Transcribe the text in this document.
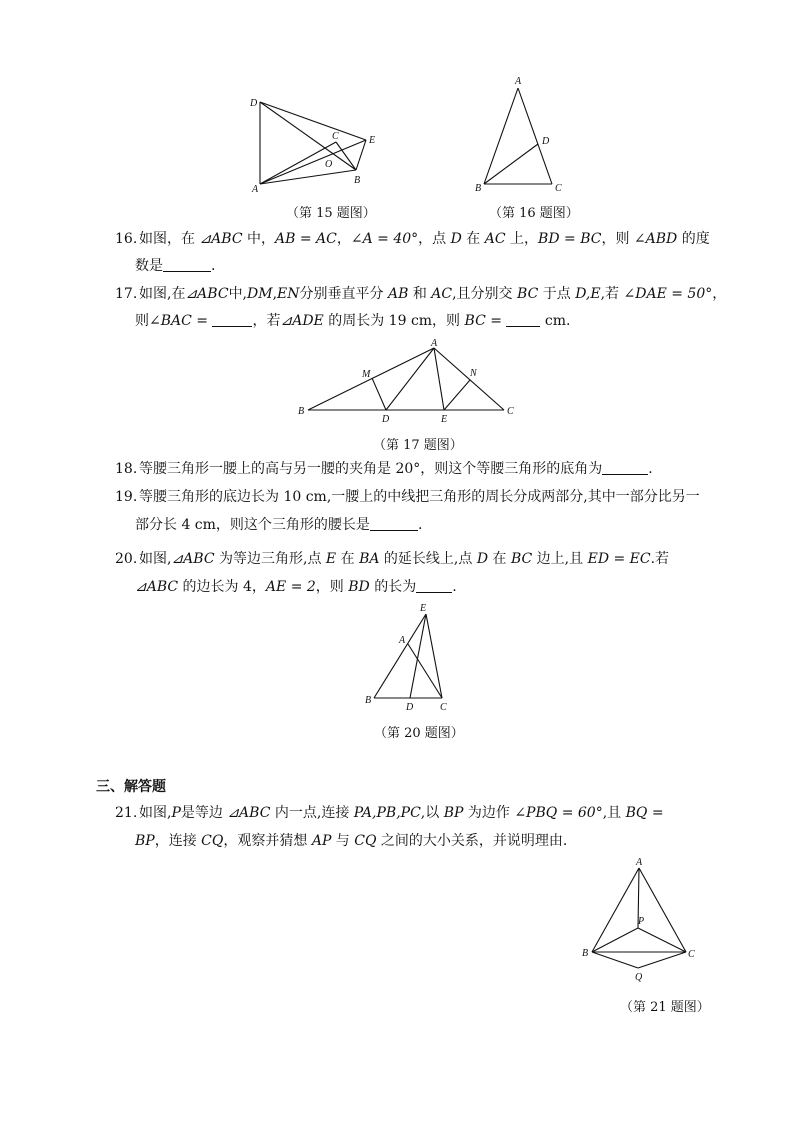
D
C	E
O
B
A
（第 15 题图）
A
D
B	C
（第 16 题图）
16. 如图，在 ⊿ABC 中，AB = AC，∠A = 40°，点 D 在 AC 上，BD = BC，则 ∠ABD 的度
数是	.
17. 如图,在⊿ABC中,DM,EN分别垂直平分 AB 和 AC,且分别交 BC 于点 D,E,若 ∠DAE = 50°，
则∠BAC =	，若⊿ADE 的周长为 19 cm，则 BC =	cm.
A
M	N
B
D	E
C
（第 17 题图）
18. 等腰三角形一腰上的高与另一腰的夹角是 20°，则这个等腰三角形的底角为	.
19. 等腰三角形的底边长为 10 cm,一腰上的中线把三角形的周长分成两部分,其中一部分比另一
部分长 4 cm，则这个三角形的腰长是	.
20. 如图,⊿ABC 为等边三角形,点 E 在 BA 的延长线上,点 D 在 BC 边上,且 ED = EC.若
⊿ABC 的边长为 4，AE = 2，则 BD 的长为	.
E
A
B
D	C
（第 20 题图）
三、解答题
21. 如图,P是等边 ⊿ABC 内一点,连接 PA,PB,PC,以 BP 为边作 ∠PBQ = 60°,且 BQ =
BP，连接 CQ，观察并猜想 AP 与 CQ 之间的大小关系，并说明理由.
A
P
B	C
Q
（第 21 题图）
